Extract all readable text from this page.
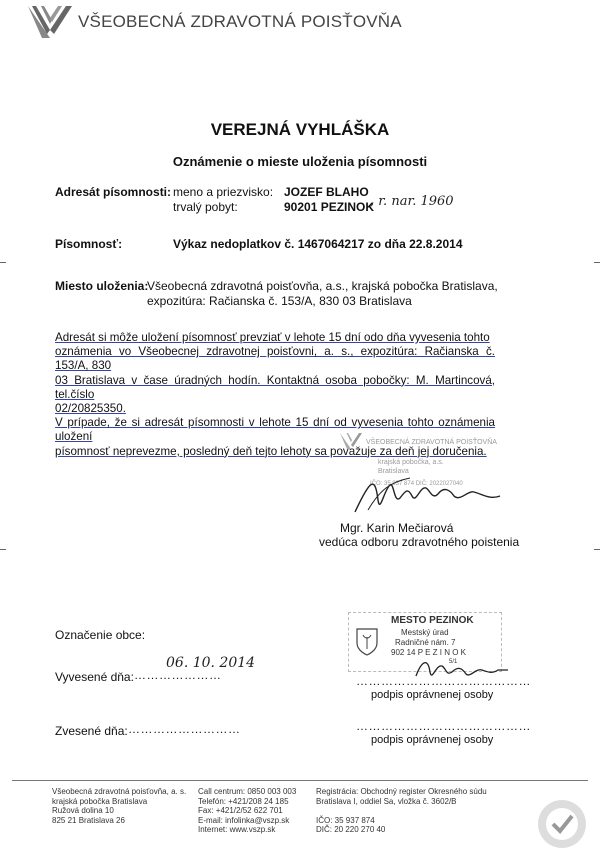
VŠEOBECNÁ ZDRAVOTNÁ POISŤOVŇA
VEREJNÁ VYHLÁŠKA
Oznámenie o mieste uloženia písomnosti
Adresát písomnosti: meno a priezvisko: JOZEF BLAHO
trvalý pobyt:	90201 PEZINOK
, r. nar. 1960
Písomnosť:	Výkaz nedoplatkov č. 1467064217 zo dňa 22.8.2014
Miesto uloženia:
Všeobecná zdravotná poisťovňa, a.s., krajská pobočka Bratislava,
expozitúra: Račianska č. 153/A, 830 03 Bratislava
Adresát si môže uložení písomnosť prevziať v lehote 15 dní odo dňa vyvesenia tohto
oznámenia vo Všeobecnej zdravotnej poisťovni, a. s., expozitúra: Račianska č. 153/A, 830
03 Bratislava v čase úradných hodín. Kontaktná osoba pobočky: M. Martincová, tel.číslo
02/20825350.
V prípade, že si adresát písomnosti v lehote 15 dní od vyvesenia tohto oznámenia uložení
písomnosť neprevezme, posledný deň tejto lehoty sa považuje za deň jej doručenia.
VŠEOBECNÁ ZDRAVOTNÁ POISŤOVŇA
krajská pobočka, a.s.
Bratislava
IČO: 35 937 874 DIČ: 2022027040
Mgr. Karin Mečiarová
vedúca odboru zdravotného poistenia
Označenie obce:
Vyvesené dňa: …………………
06. 10. 2014
MESTO PEZINOK
Mestský úrad
Radničné nám. 7
902 14 P E Z I N O K
5/1
……………………………………
podpis oprávnenej osoby
Zvesené dňa: ………………………	……………………………………
podpis oprávnenej osoby
Všeobecná zdravotná poisťovňa, a. s.
krajská pobočka Bratislava
Ružová dolina 10
825 21 Bratislava 26
Call centrum: 0850 003 003
Telefón: +421/208 24 185
Fax: +421/2/52 622 701
E-mail: infolinka@vszp.sk
Internet: www.vszp.sk
Registrácia: Obchodný register Okresného súdu
Bratislava I, oddiel Sa, vložka č. 3602/B
IČO: 35 937 874
DIČ: 20 220 270 40
